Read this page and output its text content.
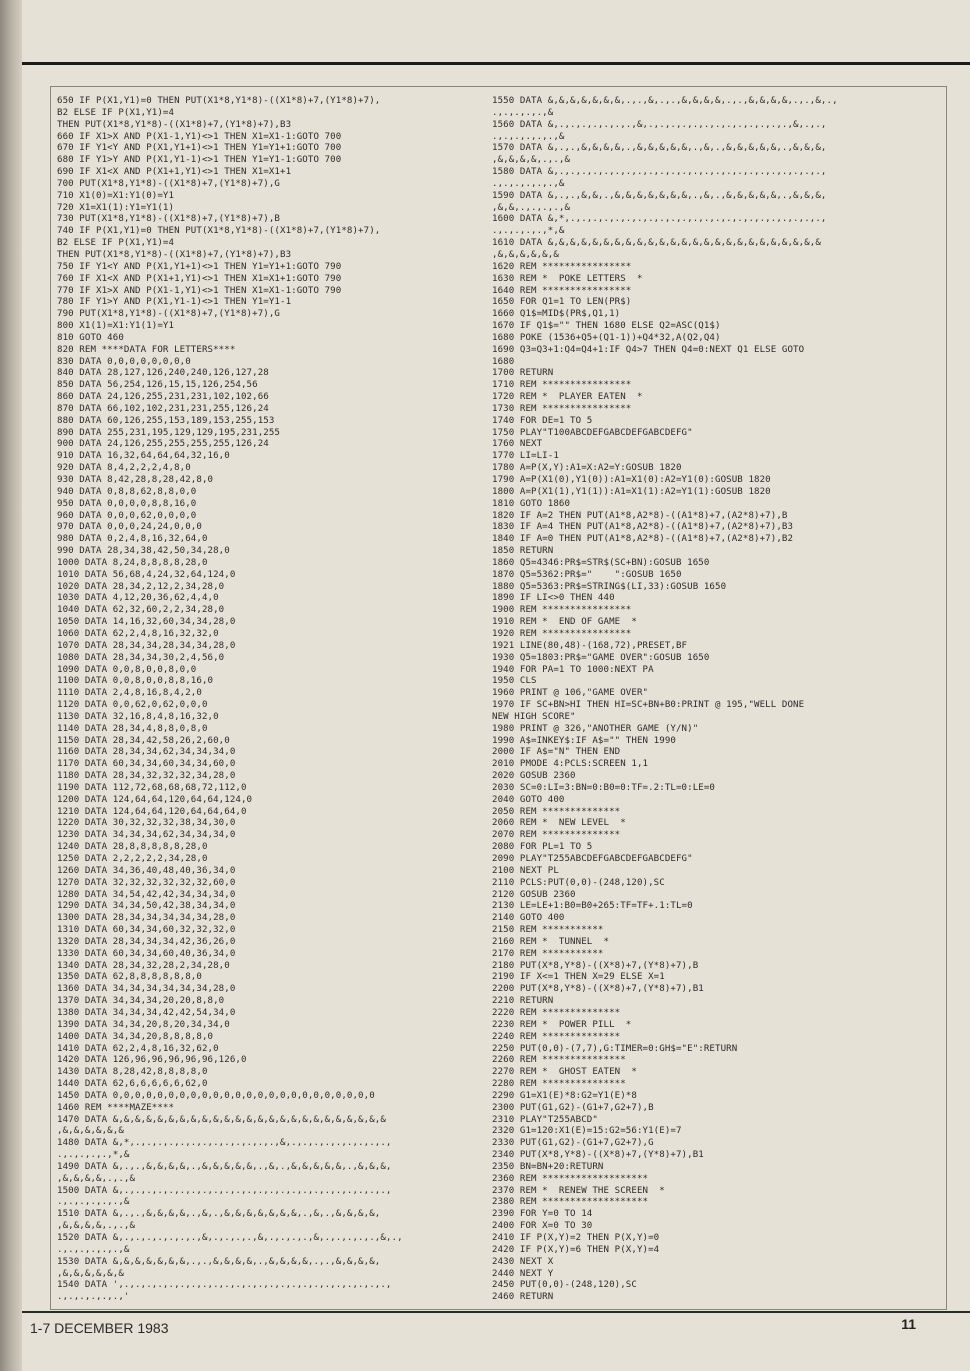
650 IF P(X1,Y1)=0 THEN PUT(X1*8,Y1*8)-((X1*8)+7,(Y1*8)+7),
B2 ELSE IF P(X1,Y1)=4
THEN PUT(X1*8,Y1*8)-((X1*8)+7,(Y1*8)+7),B3
660 IF X1>X AND P(X1-1,Y1)<>1 THEN X1=X1-1:GOTO 700
670 IF Y1<Y AND P(X1,Y1+1)<>1 THEN Y1=Y1+1:GOTO 700
680 IF Y1>Y AND P(X1,Y1-1)<>1 THEN Y1=Y1-1:GOTO 700
690 IF X1<X AND P(X1+1,Y1)<>1 THEN X1=X1+1
700 PUT(X1*8,Y1*8)-((X1*8)+7,(Y1*8)+7),G
710 X1(0)=X1:Y1(0)=Y1
720 X1=X1(1):Y1=Y1(1)
730 PUT(X1*8,Y1*8)-((X1*8)+7,(Y1*8)+7),B
740 IF P(X1,Y1)=0 THEN PUT(X1*8,Y1*8)-((X1*8)+7,(Y1*8)+7),
B2 ELSE IF P(X1,Y1)=4
THEN PUT(X1*8,Y1*8)-((X1*8)+7,(Y1*8)+7),B3
750 IF Y1<Y AND P(X1,Y1+1)<>1 THEN Y1=Y1+1:GOTO 790
760 IF X1<X AND P(X1+1,Y1)<>1 THEN X1=X1+1:GOTO 790
770 IF X1>X AND P(X1-1,Y1)<>1 THEN X1=X1-1:GOTO 790
780 IF Y1>Y AND P(X1,Y1-1)<>1 THEN Y1=Y1-1
790 PUT(X1*8,Y1*8)-((X1*8)+7,(Y1*8)+7),G
800 X1(1)=X1:Y1(1)=Y1
810 GOTO 460
820 REM ****DATA FOR LETTERS****
830 DATA 0,0,0,0,0,0,0,0
840 DATA 28,127,126,240,240,126,127,28
850 DATA 56,254,126,15,15,126,254,56
860 DATA 24,126,255,231,231,102,102,66
870 DATA 66,102,102,231,231,255,126,24
880 DATA 60,126,255,153,189,153,255,153
890 DATA 255,231,195,129,129,195,231,255
900 DATA 24,126,255,255,255,255,126,24
910 DATA 16,32,64,64,64,32,16,0
920 DATA 8,4,2,2,2,4,8,0
930 DATA 8,42,28,8,28,42,8,0
940 DATA 0,8,8,62,8,8,0,0
950 DATA 0,0,0,0,8,8,16,0
960 DATA 0,0,0,62,0,0,0,0
970 DATA 0,0,0,24,24,0,0,0
980 DATA 0,2,4,8,16,32,64,0
990 DATA 28,34,38,42,50,34,28,0
1000 DATA 8,24,8,8,8,8,28,0
1010 DATA 56,68,4,24,32,64,124,0
1020 DATA 28,34,2,12,2,34,28,0
1030 DATA 4,12,20,36,62,4,4,0
1040 DATA 62,32,60,2,2,34,28,0
1050 DATA 14,16,32,60,34,34,28,0
1060 DATA 62,2,4,8,16,32,32,0
1070 DATA 28,34,34,28,34,34,28,0
1080 DATA 28,34,34,30,2,4,56,0
1090 DATA 0,0,8,0,0,8,0,0
1100 DATA 0,0,8,0,0,8,8,16,0
1110 DATA 2,4,8,16,8,4,2,0
1120 DATA 0,0,62,0,62,0,0,0
1130 DATA 32,16,8,4,8,16,32,0
1140 DATA 28,34,4,8,8,0,8,0
1150 DATA 28,34,42,58,26,2,60,0
1160 DATA 28,34,34,62,34,34,34,0
1170 DATA 60,34,34,60,34,34,60,0
1180 DATA 28,34,32,32,32,34,28,0
1190 DATA 112,72,68,68,68,72,112,0
1200 DATA 124,64,64,120,64,64,124,0
1210 DATA 124,64,64,120,64,64,64,0
1220 DATA 30,32,32,32,38,34,30,0
1230 DATA 34,34,34,62,34,34,34,0
1240 DATA 28,8,8,8,8,8,28,0
1250 DATA 2,2,2,2,2,34,28,0
1260 DATA 34,36,40,48,40,36,34,0
1270 DATA 32,32,32,32,32,32,60,0
1280 DATA 34,54,42,42,34,34,34,0
1290 DATA 34,34,50,42,38,34,34,0
1300 DATA 28,34,34,34,34,34,28,0
1310 DATA 60,34,34,60,32,32,32,0
1320 DATA 28,34,34,34,42,36,26,0
1330 DATA 60,34,34,60,40,36,34,0
1340 DATA 28,34,32,28,2,34,28,0
1350 DATA 62,8,8,8,8,8,8,0
1360 DATA 34,34,34,34,34,34,28,0
1370 DATA 34,34,34,20,20,8,8,0
1380 DATA 34,34,34,42,42,54,34,0
1390 DATA 34,34,20,8,20,34,34,0
1400 DATA 34,34,20,8,8,8,8,0
1410 DATA 62,2,4,8,16,32,62,0
1420 DATA 126,96,96,96,96,96,126,0
1430 DATA 8,28,42,8,8,8,8,0
1440 DATA 62,6,6,6,6,6,62,0
1450 DATA 0,0,0,0,0,0,0,0,0,0,0,0,0,0,0,0,0,0,0,0,0,0,0,0
1460 REM ****MAZE****
1470 DATA &,&,&,&,&,&,&,&,&,&,&,&,&,&,&,&,&,&,&,&,&,&,&,&,&
,&,&,&,&,&,&
1480 DATA &,*,.,.,.,.,.,.,.,.,.,.,.,.,.,&,.,.,.,.,.,.,.,.,.,
.,.,.,.,.,*,&
1490 DATA &,.,.,&,&,&,&,.,&,&,&,&,&,.,&,.,&,&,&,&,&,.,&,&,&,
,&,&,&,&,.,.,&
1500 DATA &,.,.,.,.,.,.,.,.,.,.,.,.,.,.,.,.,.,.,.,.,.,.,.,.,
.,.,.,.,.,.,&
1510 DATA &,.,.,&,&,&,&,.,&,.,&,&,&,&,&,&,&,.,&,.,&,&,&,&,
,&,&,&,&,.,.,&
1520 DATA &,.,.,.,.,.,.,.,&,.,.,.,.,&,.,.,.,.,&,.,.,.,.,.,&,.,
.,.,.,.,.,.,&
1530 DATA &,&,&,&,&,&,&,.,.,&,&,&,&,.,&,&,&,&,.,.,&,&,&,&,
,&,&,&,&,&,&
1540 DATA ',.,.,.,.,.,.,.,.,.,.,.,.,.,.,.,.,.,.,.,.,.,.,.,.,
.,.,.,.,.,.,'
1550 DATA &,&,&,&,&,&,&,.,.,&,.,.,&,&,&,&,.,.,&,&,&,&,.,.,&,.,
.,.,.,.,.,&
1560 DATA &,.,.,.,.,.,.,.,&,.,.,.,.,.,.,.,.,.,.,.,.,.,&,.,.,
.,.,.,.,.,.,&
1570 DATA &,.,.,&,&,&,&,.,&,&,&,&,&,.,&,.,&,&,&,&,&,.,&,&,&,
,&,&,&,&,.,.,&
1580 DATA &,.,.,.,.,.,.,.,.,.,.,.,.,.,.,.,.,.,.,.,.,.,.,.,.,
.,.,.,.,.,.,&
1590 DATA &,.,.,&,&,.,&,&,&,&,&,&,&,.,&,.,&,&,&,&,&,.,&,&,&,
,&,&,.,.,.,.,&
1600 DATA &,*,.,.,.,.,.,.,.,.,.,.,.,.,.,.,.,.,.,.,.,.,.,.,.,
.,.,.,.,.,*,&
1610 DATA &,&,&,&,&,&,&,&,&,&,&,&,&,&,&,&,&,&,&,&,&,&,&,&,&
,&,&,&,&,&,&
1620 REM ****************
1630 REM *  POKE LETTERS  *
1640 REM ****************
1650 FOR Q1=1 TO LEN(PR$)
1660 Q1$=MID$(PR$,Q1,1)
1670 IF Q1$="" THEN 1680 ELSE Q2=ASC(Q1$)
1680 POKE (1536+Q5+(Q1-1))+Q4*32,A(Q2,Q4)
1690 Q3=Q3+1:Q4=Q4+1:IF Q4>7 THEN Q4=0:NEXT Q1 ELSE GOTO
1680
1700 RETURN
1710 REM ****************
1720 REM *  PLAYER EATEN  *
1730 REM ****************
1740 FOR DE=1 TO 5
1750 PLAY"T100ABCDEFGABCDEFGABCDEFG"
1760 NEXT
1770 LI=LI-1
1780 A=P(X,Y):A1=X:A2=Y:GOSUB 1820
1790 A=P(X1(0),Y1(0)):A1=X1(0):A2=Y1(0):GOSUB 1820
1800 A=P(X1(1),Y1(1)):A1=X1(1):A2=Y1(1):GOSUB 1820
1810 GOTO 1860
1820 IF A=2 THEN PUT(A1*8,A2*8)-((A1*8)+7,(A2*8)+7),B
1830 IF A=4 THEN PUT(A1*8,A2*8)-((A1*8)+7,(A2*8)+7),B3
1840 IF A=0 THEN PUT(A1*8,A2*8)-((A1*8)+7,(A2*8)+7),B2
1850 RETURN
1860 Q5=4346:PR$=STR$(SC+BN):GOSUB 1650
1870 Q5=5362:PR$="    ":GOSUB 1650
1880 Q5=5363:PR$=STRING$(LI,33):GOSUB 1650
1890 IF LI<>0 THEN 440
1900 REM ****************
1910 REM *  END OF GAME  *
1920 REM ****************
1921 LINE(80,48)-(168,72),PRESET,BF
1930 Q5=1803:PR$="GAME OVER":GOSUB 1650
1940 FOR PA=1 TO 1000:NEXT PA
1950 CLS
1960 PRINT @ 106,"GAME OVER"
1970 IF SC+BN>HI THEN HI=SC+BN+B0:PRINT @ 195,"WELL DONE
NEW HIGH SCORE"
1980 PRINT @ 326,"ANOTHER GAME (Y/N)"
1990 A$=INKEY$:IF A$="" THEN 1990
2000 IF A$="N" THEN END
2010 PMODE 4:PCLS:SCREEN 1,1
2020 GOSUB 2360
2030 SC=0:LI=3:BN=0:B0=0:TF=.2:TL=0:LE=0
2040 GOTO 400
2050 REM **************
2060 REM *  NEW LEVEL  *
2070 REM **************
2080 FOR PL=1 TO 5
2090 PLAY"T255ABCDEFGABCDEFGABCDEFG"
2100 NEXT PL
2110 PCLS:PUT(0,0)-(248,120),SC
2120 GOSUB 2360
2130 LE=LE+1:B0=B0+265:TF=TF+.1:TL=0
2140 GOTO 400
2150 REM ***********
2160 REM *  TUNNEL  *
2170 REM ***********
2180 PUT(X*8,Y*8)-((X*8)+7,(Y*8)+7),B
2190 IF X<=1 THEN X=29 ELSE X=1
2200 PUT(X*8,Y*8)-((X*8)+7,(Y*8)+7),B1
2210 RETURN
2220 REM **************
2230 REM *  POWER PILL  *
2240 REM **************
2250 PUT(0,0)-(7,7),G:TIMER=0:GH$="E":RETURN
2260 REM ***************
2270 REM *  GHOST EATEN  *
2280 REM ***************
2290 G1=X1(E)*8:G2=Y1(E)*8
2300 PUT(G1,G2)-(G1+7,G2+7),B
2310 PLAY"T255ABCD"
2320 G1=120:X1(E)=15:G2=56:Y1(E)=7
2330 PUT(G1,G2)-(G1+7,G2+7),G
2340 PUT(X*8,Y*8)-((X*8)+7,(Y*8)+7),B1
2350 BN=BN+20:RETURN
2360 REM *******************
2370 REM *  RENEW THE SCREEN  *
2380 REM *******************
2390 FOR Y=0 TO 14
2400 FOR X=0 TO 30
2410 IF P(X,Y)=2 THEN P(X,Y)=0
2420 IF P(X,Y)=6 THEN P(X,Y)=4
2430 NEXT X
2440 NEXT Y
2450 PUT(0,0)-(248,120),SC
2460 RETURN
1-7 DECEMBER 1983	11
